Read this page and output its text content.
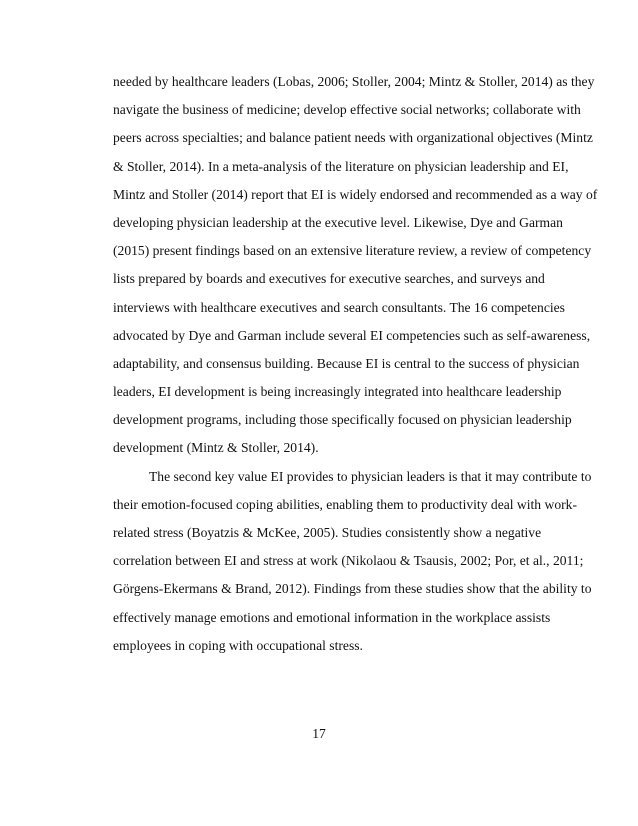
needed by healthcare leaders (Lobas, 2006; Stoller, 2004; Mintz & Stoller, 2014) as they
navigate the business of medicine; develop effective social networks; collaborate with
peers across specialties; and balance patient needs with organizational objectives (Mintz
& Stoller, 2014). In a meta-analysis of the literature on physician leadership and EI,
Mintz and Stoller (2014) report that EI is widely endorsed and recommended as a way of
developing physician leadership at the executive level. Likewise, Dye and Garman
(2015) present findings based on an extensive literature review, a review of competency
lists prepared by boards and executives for executive searches, and surveys and
interviews with healthcare executives and search consultants. The 16 competencies
advocated by Dye and Garman include several EI competencies such as self-awareness,
adaptability, and consensus building. Because EI is central to the success of physician
leaders, EI development is being increasingly integrated into healthcare leadership
development programs, including those specifically focused on physician leadership
development (Mintz & Stoller, 2014).
The second key value EI provides to physician leaders is that it may contribute to
their emotion-focused coping abilities, enabling them to productivity deal with work-
related stress (Boyatzis & McKee, 2005). Studies consistently show a negative
correlation between EI and stress at work (Nikolaou & Tsausis, 2002; Por, et al., 2011;
Görgens-Ekermans & Brand, 2012). Findings from these studies show that the ability to
effectively manage emotions and emotional information in the workplace assists
employees in coping with occupational stress.
17
